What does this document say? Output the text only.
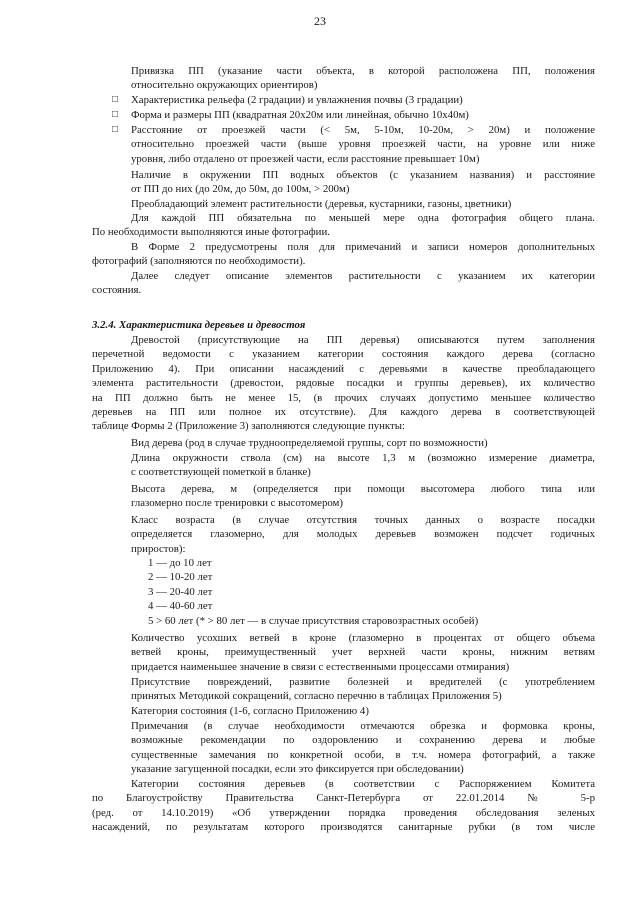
23
Привязка ПП (указание части объекта, в которой расположена ПП, положения
относительно окружающих ориентиров)
□ Характеристика рельефа (2 градации) и увлажнения почвы (3 градации)
□ Форма и размеры ПП (квадратная 20x20м или линейная, обычно 10x40м)
□ Расстояние от проезжей части (< 5м, 5-10м, 10-20м, > 20м) и положение
относительно проезжей части (выше уровня проезжей части, на уровне или ниже
уровня, либо отдалено от проезжей части, если расстояние превышает 10м)
Наличие в окружении ПП водных объектов (с указанием названия) и расстояние
от ПП до них (до 20м, до 50м, до 100м, > 200м)
Преобладающий элемент растительности (деревья, кустарники, газоны, цветники)
Для каждой ПП обязательна по меньшей мере одна фотография общего плана.
По необходимости выполняются иные фотографии.
В Форме 2 предусмотрены поля для примечаний и записи номеров дополнительных
фотографий (заполняются по необходимости).
Далее следует описание элементов растительности с указанием их категории
состояния.
3.2.4. Характеристика деревьев и древостоя
Древостой (присутствующие на ПП деревья) описываются путем заполнения
перечетной ведомости с указанием категории состояния каждого дерева (согласно
Приложению 4). При описании насаждений с деревьями в качестве преобладающего
элемента растительности (древостои, рядовые посадки и группы деревьев), их количество
на ПП должно быть не менее 15, (в прочих случаях допустимо меньшее количество
деревьев на ПП или полное их отсутствие). Для каждого дерева в соответствующей
таблице Формы 2 (Приложение 3) заполняются следующие пункты:
Вид дерева (род в случае трудноопределяемой группы, сорт по возможности)
Длина окружности ствола (см) на высоте 1,3 м (возможно измерение диаметра,
с соответствующей пометкой в бланке)
Высота дерева, м (определяется при помощи высотомера любого типа или
глазомерно после тренировки с высотомером)
Класс возраста (в случае отсутствия точных данных о возрасте посадки
определяется глазомерно, для молодых деревьев возможен подсчет годичных
приростов):
1 — до 10 лет
2 — 10-20 лет
3 — 20-40 лет
4 — 40-60 лет
5 > 60 лет (* > 80 лет — в случае присутствия старовозрастных особей)
Количество усохших ветвей в кроне (глазомерно в процентах от общего объема
ветвей кроны, преимущественный учет верхней части кроны, нижним ветвям
придается наименьшее значение в связи с естественными процессами отмирания)
Присутствие повреждений, развитие болезней и вредителей (с употреблением
принятых Методикой сокращений, согласно перечню в таблицах Приложения 5)
Категория состояния (1-6, согласно Приложению 4)
Примечания (в случае необходимости отмечаются обрезка и формовка кроны,
возможные рекомендации по оздоровлению и сохранению дерева и любые
существенные замечания по конкретной особи, в т.ч. номера фотографий, а также
указание загущенной посадки, если это фиксируется при обследовании)
Категории состояния деревьев (в соответствии с Распоряжением Комитета
по Благоустройству Правительства Санкт-Петербурга от 22.01.2014 № 5-р
(ред. от 14.10.2019) «Об утверждении порядка проведения обследования зеленых
насаждений, по результатам которого производятся санитарные рубки (в том числе
